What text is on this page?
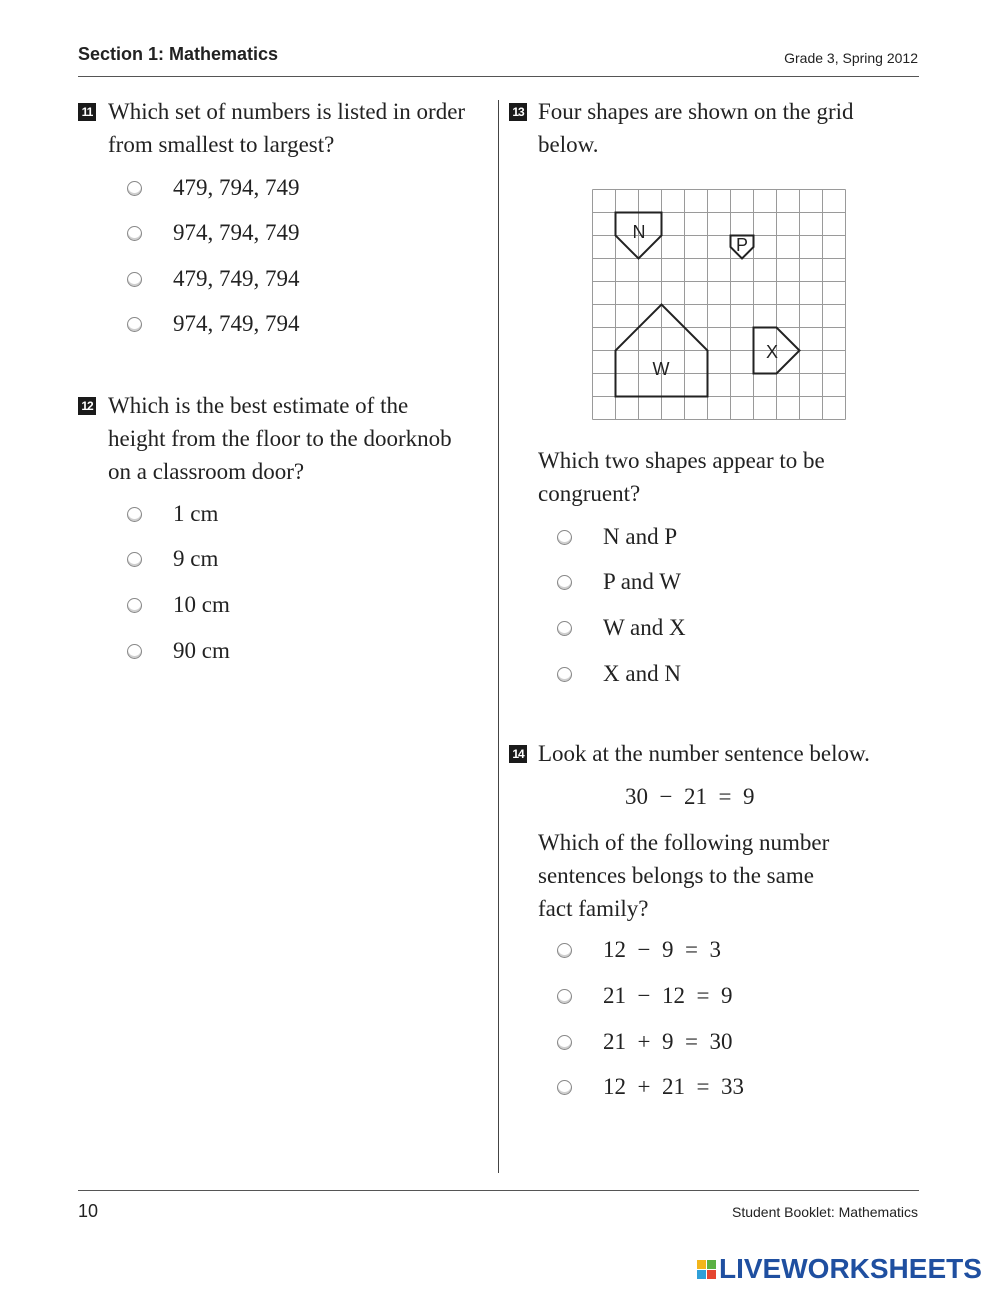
Section 1: Mathematics	Grade 3, Spring 2012
11 Which set of numbers is listed in order
from smallest to largest?
479, 794, 749
974, 794, 749
479, 749, 794
974, 749, 794
12 Which is the best estimate of the
height from the floor to the doorknob
on a classroom door?
1 cm
9 cm
10 cm
90 cm
13 Four shapes are shown on the grid
below.
N
P
W
X
Which two shapes appear to be
congruent?
N and P
P and W
W and X
X and N
14 Look at the number sentence below.
30  −  21  =  9
Which of the following number
sentences belongs to the same
fact family?
12  −  9  =  3
21  −  12  =  9
21  +  9  =  30
12  +  21  =  33
10	Student Booklet: Mathematics
LIVEWORKSHEETS
